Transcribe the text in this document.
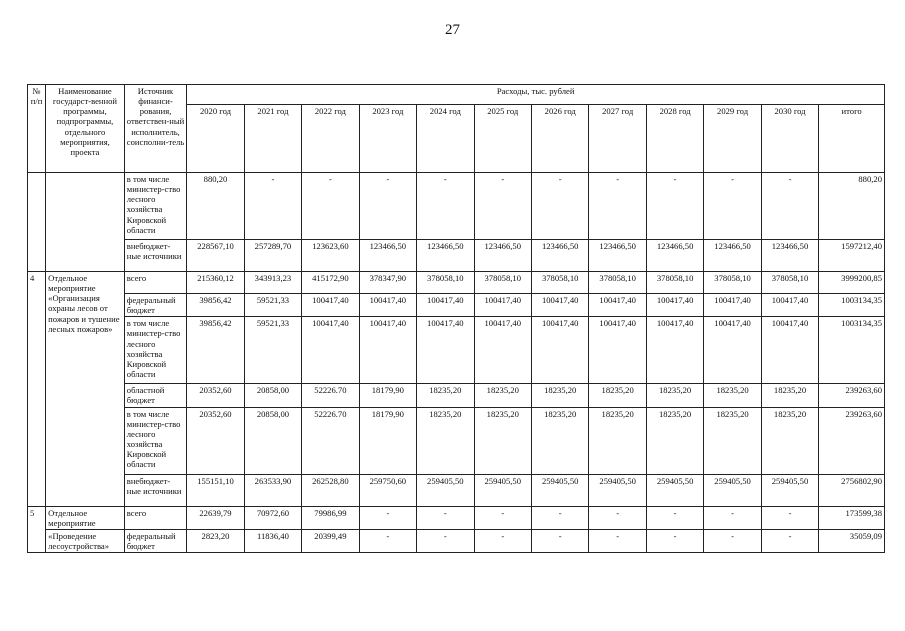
27
№ п/п	Наименование государст-венной программы, подпрограммы, отдельного мероприятия, проекта	Источник финанси-рования, ответствен-ный исполнитель, соисполни-тель	Расходы, тыс. рублей											
			2020 год	2021 год	2022 год	2023 год	2024 год	2025 год	2026 год	2027 год	2028 год	2029 год	2030 год	итого
		в том числе министер-ство лесного хозяйства Кировской области	880,20	-	-	-	-	-	-	-	-	-	-	880,20
		внебюджет-ные источники	228567,10	257289,70	123623,60	123466,50	123466,50	123466,50	123466,50	123466,50	123466,50	123466,50	123466,50	1597212,40
4	Отдельное мероприятие «Организация охраны лесов от пожаров и тушение лесных пожаров»	всего	215360,12	343913,23	415172,90	378347,90	378058,10	378058,10	378058,10	378058,10	378058,10	378058,10	378058,10	3999200,85
		федеральный бюджет	39856,42	59521,33	100417,40	100417,40	100417,40	100417,40	100417,40	100417,40	100417,40	100417,40	100417,40	1003134,35
		в том числе министер-ство лесного хозяйства Кировской области	39856,42	59521,33	100417,40	100417,40	100417,40	100417,40	100417,40	100417,40	100417,40	100417,40	100417,40	1003134,35
		областной бюджет	20352,60	20858,00	52226.70	18179,90	18235,20	18235,20	18235,20	18235,20	18235,20	18235,20	18235,20	239263,60
		в том числе министер-ство лесного хозяйства Кировской области	20352,60	20858,00	52226.70	18179,90	18235,20	18235,20	18235,20	18235,20	18235,20	18235,20	18235,20	239263,60
		внебюджет-ные источники	155151,10	263533,90	262528,80	259750,60	259405,50	259405,50	259405,50	259405,50	259405,50	259405,50	259405,50	2756802,90
5	Отдельное мероприятие	всего	22639,79	70972,60	79986,99	-	-	-	-	-	-	-	-	173599,38
	«Проведение лесоустройства»	федеральный бюджет	2823,20	11836,40	20399,49	-	-	-	-	-	-	-	-	35059,09
